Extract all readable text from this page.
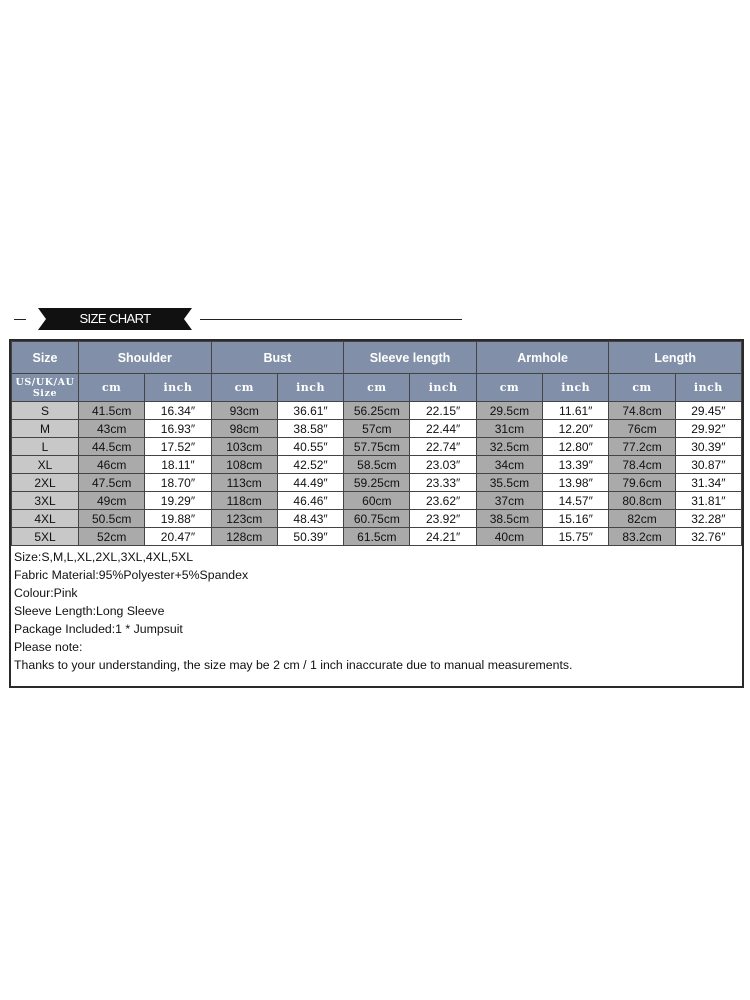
SIZE CHART
Size	Shoulder		Bust		Sleeve length		Armhole		Length	
US/UK/AU Size	cm	inch	cm	inch	cm	inch	cm	inch	cm	inch
S	41.5cm	16.34″	93cm	36.61″	56.25cm	22.15″	29.5cm	11.61″	74.8cm	29.45″
M	43cm	16.93″	98cm	38.58″	57cm	22.44″	31cm	12.20″	76cm	29.92″
L	44.5cm	17.52″	103cm	40.55″	57.75cm	22.74″	32.5cm	12.80″	77.2cm	30.39″
XL	46cm	18.11″	108cm	42.52″	58.5cm	23.03″	34cm	13.39″	78.4cm	30.87″
2XL	47.5cm	18.70″	113cm	44.49″	59.25cm	23.33″	35.5cm	13.98″	79.6cm	31.34″
3XL	49cm	19.29″	118cm	46.46″	60cm	23.62″	37cm	14.57″	80.8cm	31.81″
4XL	50.5cm	19.88″	123cm	48.43″	60.75cm	23.92″	38.5cm	15.16″	82cm	32.28″
5XL	52cm	20.47″	128cm	50.39″	61.5cm	24.21″	40cm	15.75″	83.2cm	32.76″
Size:S,M,L,XL,2XL,3XL,4XL,5XL
Fabric Material:95%Polyester+5%Spandex
Colour:Pink
Sleeve Length:Long Sleeve
Package Included:1 * Jumpsuit
Please note:
Thanks to your understanding, the size may be 2 cm / 1 inch inaccurate due to manual measurements.
